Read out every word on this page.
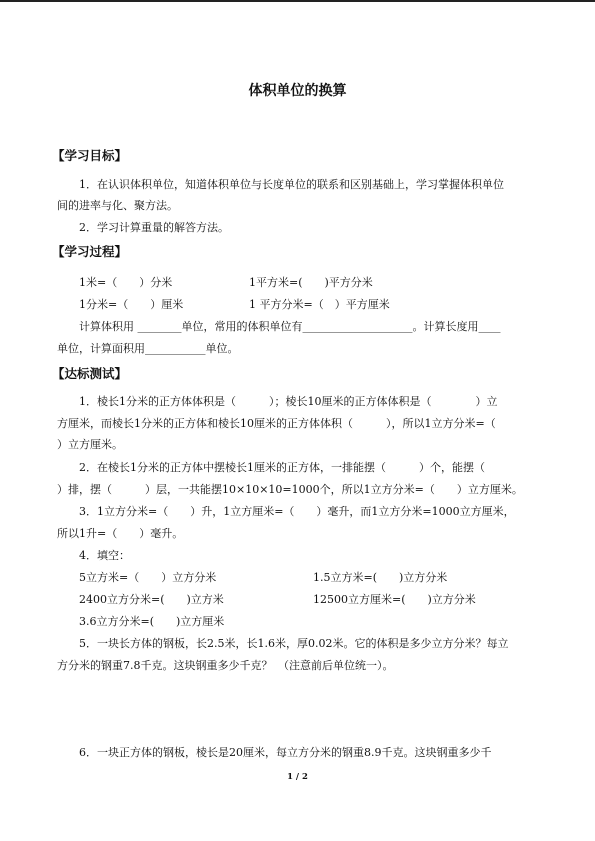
体积单位的换算
【学习目标】
1．在认识体积单位，知道体积单位与长度单位的联系和区别基础上，学习掌握体积单位
间的进率与化、聚方法。
2．学习计算重量的解答方法。
【学习过程】
1米=（　　）分米	1平方米=(　　)平方分米
1分米=（　　）厘米	1 平方分米=（　）平方厘米
计算体积用 ________单位，常用的体积单位有____________________。计算长度用____
单位，计算面积用___________单位。
【达标测试】
1．棱长1分米的正方体体积是（　　　）；棱长10厘米的正方体体积是（　　　　）立
方厘米，而棱长1分米的正方体和棱长10厘米的正方体体积（　　　），所以1立方分米=（
）立方厘米。
2．在棱长1分米的正方体中摆棱长1厘米的正方体，一排能摆（　　　）个，能摆（
）排，摆（　　　）层，一共能摆10×10×10=1000个，所以1立方分米=（　　）立方厘米。
3．1立方分米=（　　）升，1立方厘米=（　　）毫升，而1立方分米=1000立方厘米，
所以1升=（　　）毫升。
4．填空：
5立方米=（　　）立方分米	1.5立方米=(　　)立方分米
2400立方分米=(　　)立方米	12500立方厘米=(　　)立方分米
3.6立方分米=(　　)立方厘米
5．一块长方体的钢板，长2.5米，长1.6米，厚0.02米。它的体积是多少立方分米？每立
方分米的钢重7.8千克。这块钢重多少千克？　（注意前后单位统一）。
6．一块正方体的钢板，棱长是20厘米，每立方分米的钢重8.9千克。这块钢重多少千
1 / 2
